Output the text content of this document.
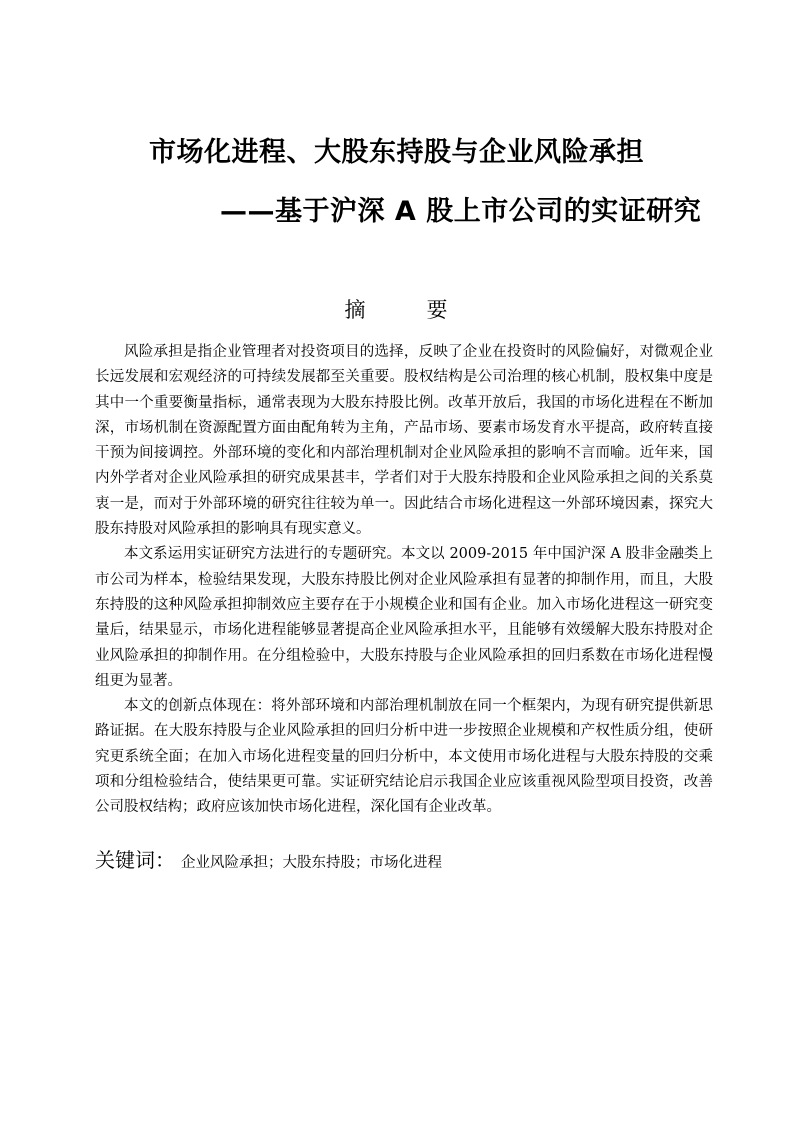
市场化进程、大股东持股与企业风险承担
——基于沪深 A 股上市公司的实证研究
摘	要

风险承担是指企业管理者对投资项目的选择，反映了企业在投资时的风险偏好，对微观企业长远发展和宏观经济的可持续发展都至关重要。股权结构是公司治理的核心机制，股权集中度是其中一个重要衡量指标，通常表现为大股东持股比例。改革开放后，我国的市场化进程在不断加深，市场机制在资源配置方面由配角转为主角，产品市场、要素市场发育水平提高，政府转直接干预为间接调控。外部环境的变化和内部治理机制对企业风险承担的影响不言而喻。近年来，国内外学者对企业风险承担的研究成果甚丰，学者们对于大股东持股和企业风险承担之间的关系莫衷一是，而对于外部环境的研究往往较为单一。因此结合市场化进程这一外部环境因素，探究大股东持股对风险承担的影响具有现实意义。

本文系运用实证研究方法进行的专题研究。本文以 2009-2015 年中国沪深 A 股非金融类上市公司为样本，检验结果发现，大股东持股比例对企业风险承担有显著的抑制作用，而且，大股东持股的这种风险承担抑制效应主要存在于小规模企业和国有企业。加入市场化进程这一研究变量后，结果显示，市场化进程能够显著提高企业风险承担水平，且能够有效缓解大股东持股对企业风险承担的抑制作用。在分组检验中，大股东持股与企业风险承担的回归系数在市场化进程慢组更为显著。

本文的创新点体现在：将外部环境和内部治理机制放在同一个框架内，为现有研究提供新思路证据。在大股东持股与企业风险承担的回归分析中进一步按照企业规模和产权性质分组，使研究更系统全面；在加入市场化进程变量的回归分析中，本文使用市场化进程与大股东持股的交乘项和分组检验结合，使结果更可靠。实证研究结论启示我国企业应该重视风险型项目投资，改善公司股权结构；政府应该加快市场化进程，深化国有企业改革。

关键词： 企业风险承担；大股东持股；市场化进程
